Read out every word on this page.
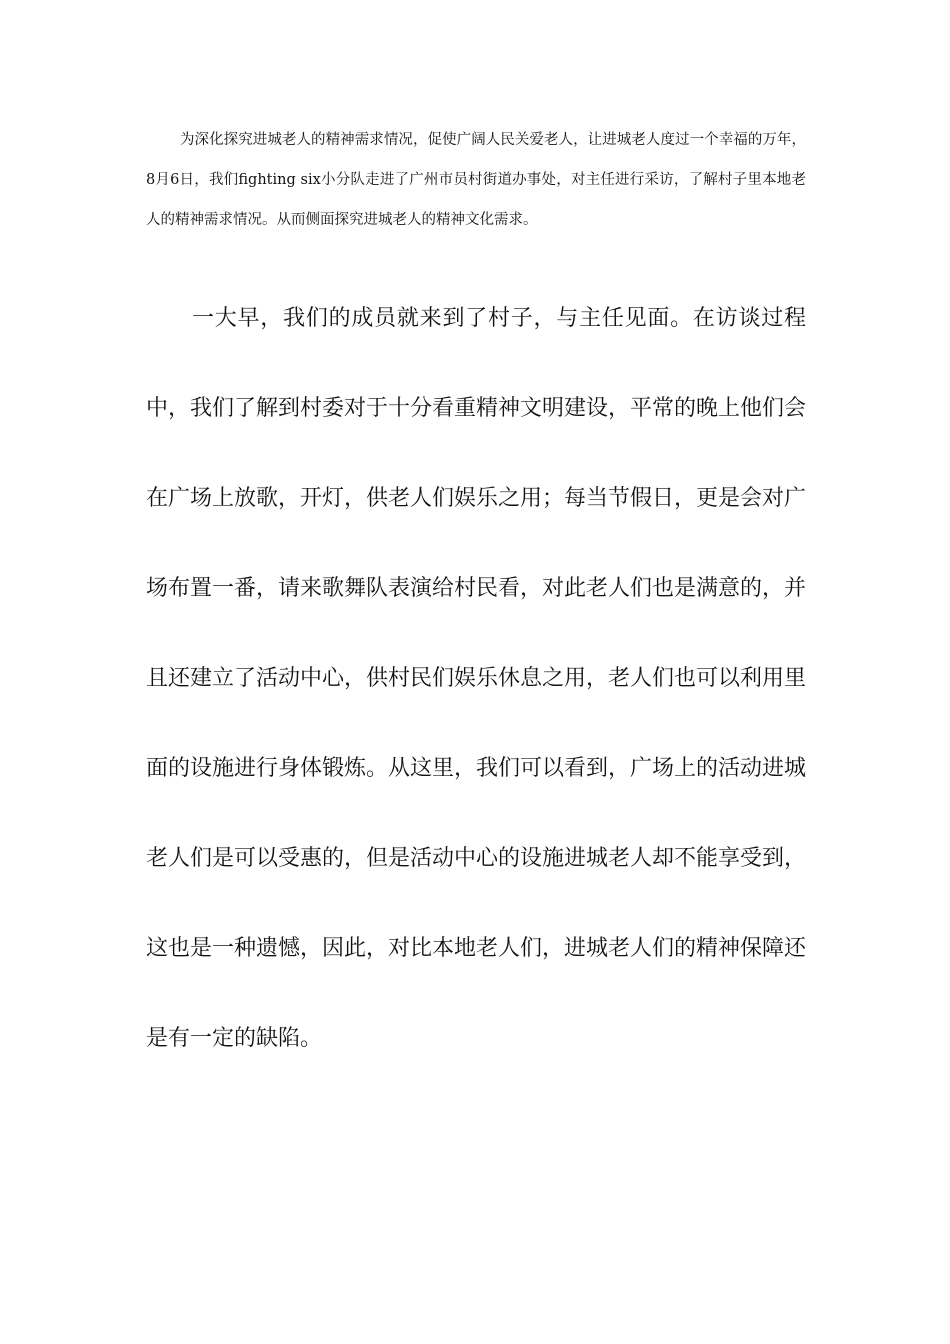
为深化探究进城老人的精神需求情况，促使广阔人民关爱老人，让进城老人度过一个幸福的万年， 8月6日，我们fighting six小分队走进了广州市员村街道办事处，对主任进行采访，了解村子里本地老人的精神需求情况。从而侧面探究进城老人的精神文化需求。

一大早，我们的成员就来到了村子，与主任见面。在访谈过程中，我们了解到村委对于十分看重精神文明建设，平常的晚上他们会在广场上放歌，开灯，供老人们娱乐之用；每当节假日，更是会对广场布置一番，请来歌舞队表演给村民看，对此老人们也是满意的，并且还建立了活动中心，供村民们娱乐休息之用，老人们也可以利用里面的设施进行身体锻炼。从这里，我们可以看到，广场上的活动进城老人们是可以受惠的，但是活动中心的设施进城老人却不能享受到，这也是一种遗憾，因此，对比本地老人们，进城老人们的精神保障还是有一定的缺陷。
